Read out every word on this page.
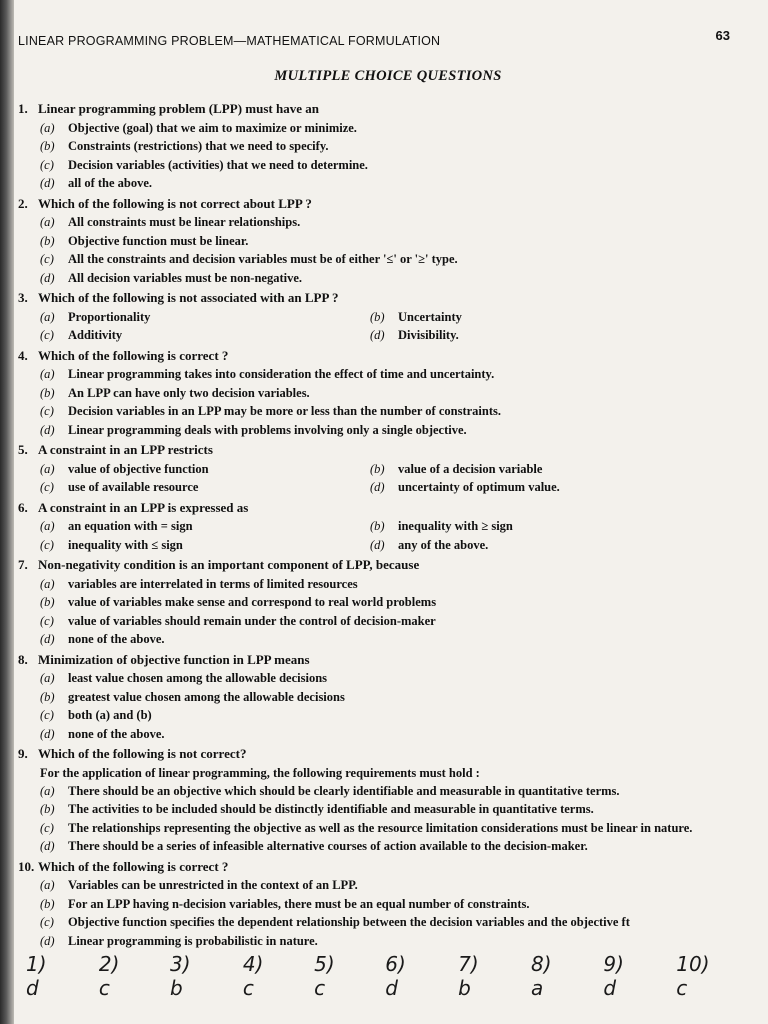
LINEAR PROGRAMMING PROBLEM—MATHEMATICAL FORMULATION	63
MULTIPLE CHOICE QUESTIONS
1. Linear programming problem (LPP) must have an
(a)	Objective (goal) that we aim to maximize or minimize.
(b)	Constraints (restrictions) that we need to specify.
(c)	Decision variables (activities) that we need to determine.
(d)	all of the above.
2. Which of the following is not correct about LPP ?
(a)	All constraints must be linear relationships.
(b)	Objective function must be linear.
(c)	All the constraints and decision variables must be of either '≤' or '≥' type.
(d)	All decision variables must be non-negative.
3. Which of the following is not associated with an LPP ?
(a)	Proportionality	(b)	Uncertainty
(c)	Additivity	(d)	Divisibility.
4. Which of the following is correct ?
(a)	Linear programming takes into consideration the effect of time and uncertainty.
(b)	An LPP can have only two decision variables.
(c)	Decision variables in an LPP may be more or less than the number of constraints.
(d)	Linear programming deals with problems involving only a single objective.
5. A constraint in an LPP restricts
(a)	value of objective function	(b)	value of a decision variable
(c)	use of available resource	(d)	uncertainty of optimum value.
6. A constraint in an LPP is expressed as
(a)	an equation with = sign	(b)	inequality with ≥ sign
(c)	inequality with ≤ sign	(d)	any of the above.
7. Non-negativity condition is an important component of LPP, because
(a)	variables are interrelated in terms of limited resources
(b)	value of variables make sense and correspond to real world problems
(c)	value of variables should remain under the control of decision-maker
(d)	none of the above.
8. Minimization of objective function in LPP means
(a)	least value chosen among the allowable decisions
(b)	greatest value chosen among the allowable decisions
(c)	both (a) and (b)
(d)	none of the above.
9. Which of the following is not correct?
For the application of linear programming, the following requirements must hold :
(a)	There should be an objective which should be clearly identifiable and measurable in quantitative terms.
(b)	The activities to be included should be distinctly identifiable and measurable in quantitative terms.
(c)	The relationships representing the objective as well as the resource limitation considerations must be linear in nature.
(d)	There should be a series of infeasible alternative courses of action available to the decision-maker.
10. Which of the following is correct ?
(a)	Variables can be unrestricted in the context of an LPP.
(b)	For an LPP having n-decision variables, there must be an equal number of constraints.
(c)	Objective function specifies the dependent relationship between the decision variables and the objective ft
(d)	Linear programming is probabilistic in nature.
1) d
2) c
3) b
4) c
5) c
6) d
7) b
8) a
9) d
10) c
